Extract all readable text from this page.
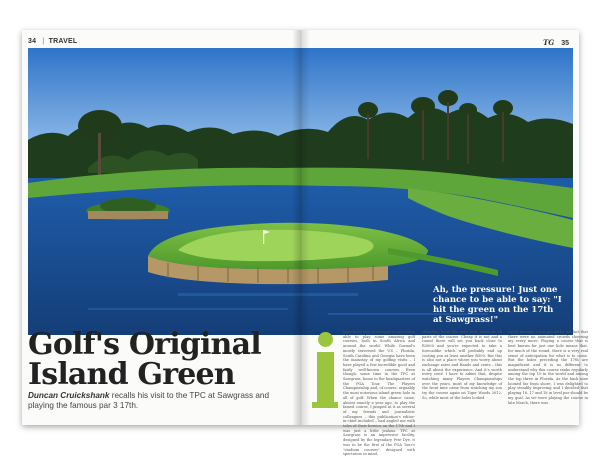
34 | TRAVEL	TG 35
Ah, the pressure! Just one chance to be able to say: "I hit the green on the 17th at Sawgrass!"
Golf's Original
Island Green
Duncan Cruickshank recalls his visit to the TPC at Sawgrass and playing the famous par 3 17th.
have been very privileged to have been able to play some amazing golf courses, both in South Africa and around the world. While Gormel's mostly traversed the US – Florida, South Carolina and Georgia have been the mainstay of my golfing visits – I have played a few incredible good and fairly well-known courses. Even though, some time in the TPC at Sawgrass, home to the headquarters of the PGA Tour, The Players Championship and, of course, arguably the most notorious island green hole in all of golf. When the chance came, almost exactly a year ago, to play the famed course, I jumped at it as several of my friends and journalistic colleagues – this publication's editor-in-chief included – had angled me with tales of their heroics on the 17th and I was just a little jealous. TPC at Sawgrass is an impressive facility, designed by the legendary Pete Dye, it was to be the first of the PGA Tour's "stadium courses", designed with spectators in mind,
affording them the very best views at all parts of the course. Cheap it is not and a round there will set you back close to R3000 and you're expected to take a forecaddie which will probably end up costing you at least another R500. But this is also not a place where you worry about exchange rates and Rands and cents – this is all about the experience. And it's worth every cent! I have to admit that, despite watching many Players Championships over the years, most of my knowledge of the front nine came from watching my son try the course again on Tiger Woods 2012. So, while most of the holes looked
vastly familiar, I was put off by the fact that there were no animated crowds cheering my every move. Playing a course that is best known for just one hole means that, for much of the round, there is a very real sense of anticipation for what is to come. But the holes preceding the 17th are magnificent and it is no different to understand why this course ranks regularly among the top 10 in the world and among the top three in Florida. As the back nine loomed far from shore, I was delighted to play steadily improving and I decided that playing 16, 17 and 18 in level par should be my goal. As we were playing the course in late March, there was
